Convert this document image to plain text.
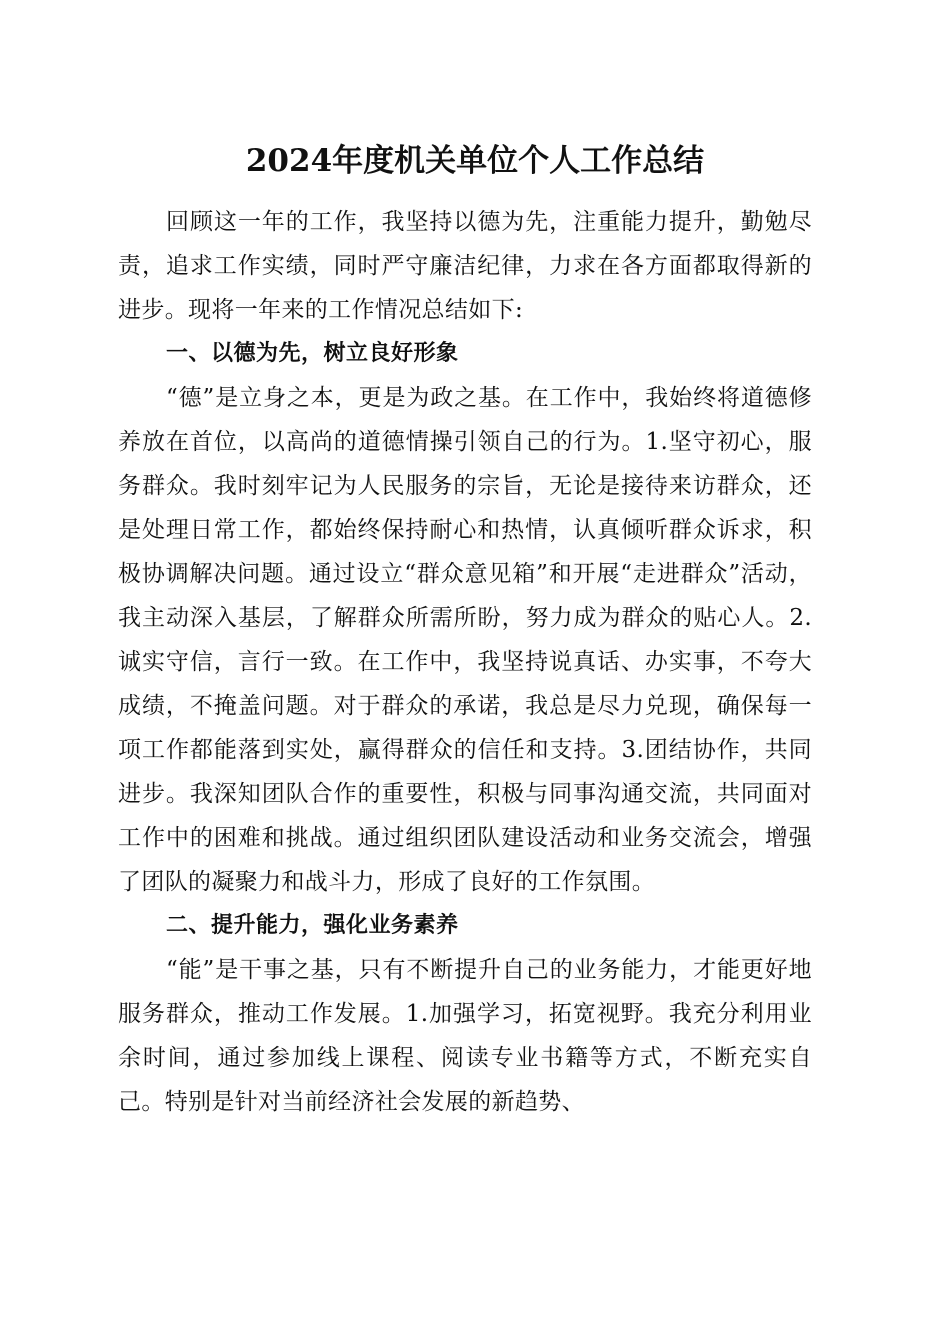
2024年度机关单位个人工作总结

回顾这一年的工作，我坚持以德为先，注重能力提升，勤勉尽责，追求工作实绩，同时严守廉洁纪律，力求在各方面都取得新的进步。现将一年来的工作情况总结如下:

一、以德为先，树立良好形象

“德”是立身之本，更是为政之基。在工作中，我始终将道德修养放在首位，以高尚的道德情操引领自己的行为。1.坚守初心，服务群众。我时刻牢记为人民服务的宗旨，无论是接待来访群众，还是处理日常工作，都始终保持耐心和热情，认真倾听群众诉求，积极协调解决问题。通过设立“群众意见箱”和开展“走进群众”活动，我主动深入基层，了解群众所需所盼，努力成为群众的贴心人。2.诚实守信，言行一致。在工作中，我坚持说真话、办实事，不夸大成绩，不掩盖问题。对于群众的承诺，我总是尽力兑现，确保每一项工作都能落到实处，赢得群众的信任和支持。3.团结协作，共同进步。我深知团队合作的重要性，积极与同事沟通交流，共同面对工作中的困难和挑战。通过组织团队建设活动和业务交流会，增强了团队的凝聚力和战斗力，形成了良好的工作氛围。

二、提升能力，强化业务素养

“能”是干事之基，只有不断提升自己的业务能力，才能更好地服务群众，推动工作发展。1.加强学习，拓宽视野。我充分利用业余时间，通过参加线上课程、阅读专业书籍等方式，不断充实自己。特别是针对当前经济社会发展的新趋势、
